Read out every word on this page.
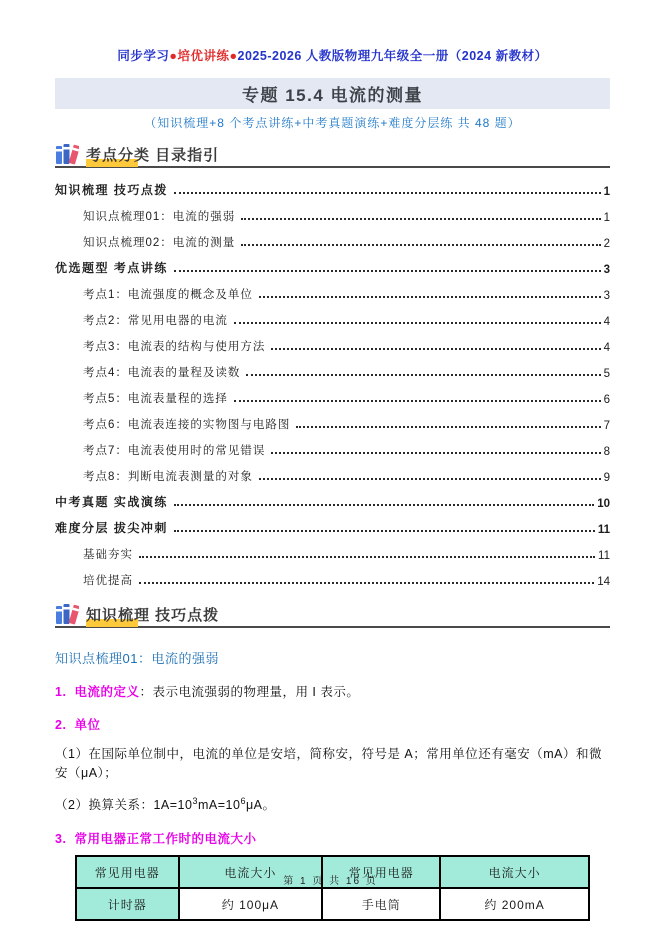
同步学习●培优讲练●2025-2026 人教版物理九年级全一册（2024 新教材）
专题 15.4 电流的测量
（知识梳理+8 个考点讲练+中考真题演练+难度分层练 共 48 题）
考点分类 目录指引
知识梳理 技巧点拨	1
知识点梳理01：电流的强弱	1
知识点梳理02：电流的测量	2
优选题型 考点讲练	3
考点1：电流强度的概念及单位	3
考点2：常见用电器的电流	4
考点3：电流表的结构与使用方法	4
考点4：电流表的量程及读数	5
考点5：电流表量程的选择	6
考点6：电流表连接的实物图与电路图	7
考点7：电流表使用时的常见错误	8
考点8：判断电流表测量的对象	9
中考真题 实战演练	10
难度分层 拔尖冲刺	11
基础夯实	11
培优提高	14
知识梳理 技巧点拨
知识点梳理01：电流的强弱
1. 电流的定义：表示电流强弱的物理量，用 I 表示。
2. 单位
（1）在国际单位制中，电流的单位是安培，简称安，符号是 A；常用单位还有毫安（mA）和微安（μA）；
（2）换算关系：$1A=10^3mA=10^6\mu A$。
3. 常用电器正常工作时的电流大小
常见用电器	电流大小	常见用电器	电流大小
计时器	约 100μA	手电筒	约 200mA
第 1 页 共 16 页
